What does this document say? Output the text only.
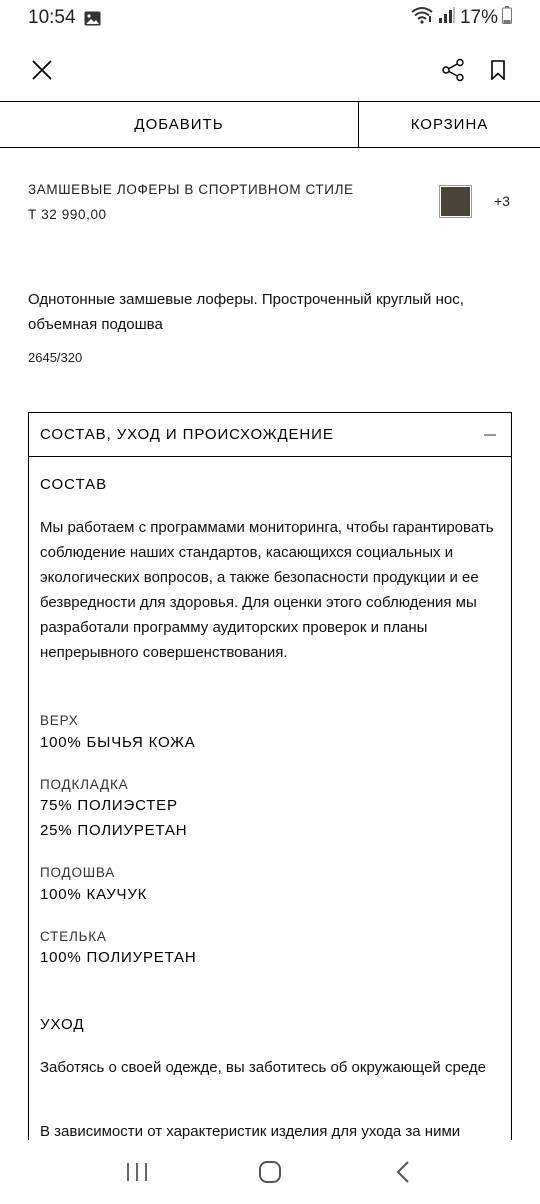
10:54	17%
ДОБАВИТЬ	КОРЗИНА
ЗАМШЕВЫЕ ЛОФЕРЫ В СПОРТИВНОМ СТИЛЕ
Т 32 990,00
+3
Однотонные замшевые лоферы. Простроченный круглый нос, объемная подошва
2645/320
СОСТАВ, УХОД И ПРОИСХОЖДЕНИЕ
СОСТАВ
Мы работаем с программами мониторинга, чтобы гарантировать соблюдение наших стандартов, касающихся социальных и экологических вопросов, а также безопасности продукции и ее безвредности для здоровья. Для оценки этого соблюдения мы разработали программу аудиторских проверок и планы непрерывного совершенствования.
ВЕРХ
100% БЫЧЬЯ КОЖА
ПОДКЛАДКА
75% ПОЛИЭСТЕР
25% ПОЛИУРЕТАН
ПОДОШВА
100% КАУЧУК
СТЕЛЬКА
100% ПОЛИУРЕТАН
УХОД
Заботясь о своей одежде, вы заботитесь об окружающей среде
В зависимости от характеристик изделия для ухода за ними
